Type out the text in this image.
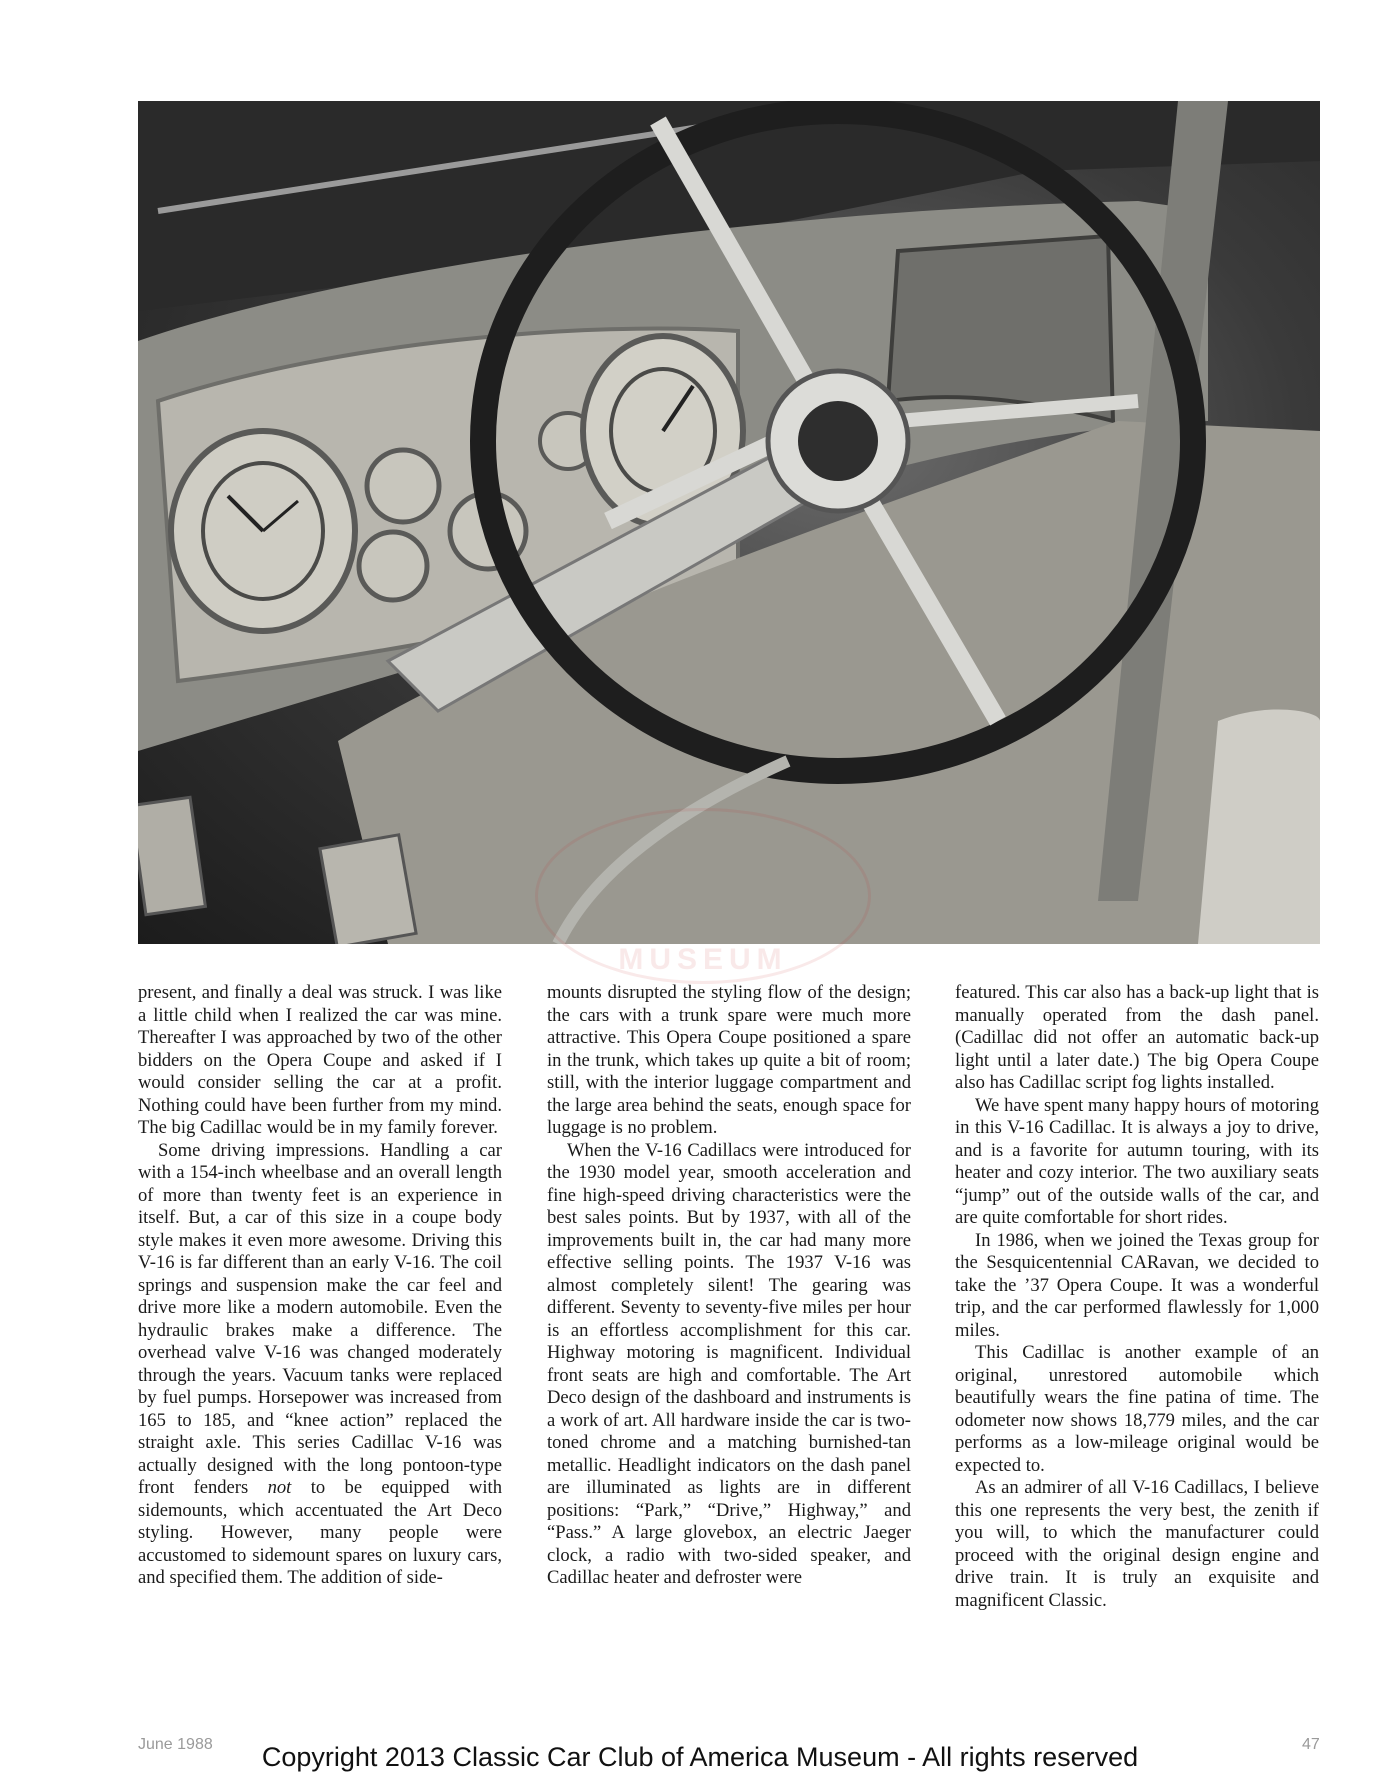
MUSEUM

present, and finally a deal was struck. I was like a little child when I realized the car was mine. Thereafter I was approached by two of the other bidders on the Opera Coupe and asked if I would consider selling the car at a profit. Nothing could have been further from my mind. The big Cadillac would be in my family forever.

Some driving impressions. Handling a car with a 154-inch wheelbase and an overall length of more than twenty feet is an experience in itself. But, a car of this size in a coupe body style makes it even more awesome. Driving this V-16 is far different than an early V-16. The coil springs and suspension make the car feel and drive more like a modern automobile. Even the hydraulic brakes make a difference. The overhead valve V-16 was changed moderately through the years. Vacuum tanks were replaced by fuel pumps. Horsepower was increased from 165 to 185, and “knee action” replaced the straight axle. This series Cadillac V-16 was actually designed with the long pontoon-type front fenders not to be equipped with sidemounts, which accentuated the Art Deco styling. However, many people were accustomed to sidemount spares on luxury cars, and specified them. The addition of side-

mounts disrupted the styling flow of the design; the cars with a trunk spare were much more attractive. This Opera Coupe positioned a spare in the trunk, which takes up quite a bit of room; still, with the interior luggage compartment and the large area behind the seats, enough space for luggage is no problem.

When the V-16 Cadillacs were introduced for the 1930 model year, smooth acceleration and fine high-speed driving characteristics were the best sales points. But by 1937, with all of the improvements built in, the car had many more effective selling points. The 1937 V-16 was almost completely silent! The gearing was different. Seventy to seventy-five miles per hour is an effortless accomplishment for this car. Highway motoring is magnificent. Individual front seats are high and comfortable. The Art Deco design of the dashboard and instruments is a work of art. All hardware inside the car is two-toned chrome and a matching burnished-tan metallic. Headlight indicators on the dash panel are illuminated as lights are in different positions: “Park,” “Drive,” Highway,” and “Pass.” A large glovebox, an electric Jaeger clock, a radio with two-sided speaker, and Cadillac heater and defroster were

featured. This car also has a back-up light that is manually operated from the dash panel. (Cadillac did not offer an automatic back-up light until a later date.) The big Opera Coupe also has Cadillac script fog lights installed.

We have spent many happy hours of motoring in this V-16 Cadillac. It is always a joy to drive, and is a favorite for autumn touring, with its heater and cozy interior. The two auxiliary seats “jump” out of the outside walls of the car, and are quite comfortable for short rides.

In 1986, when we joined the Texas group for the Sesquicentennial CARavan, we decided to take the ’37 Opera Coupe. It was a wonderful trip, and the car performed flawlessly for 1,000 miles.

This Cadillac is another example of an original, unrestored automobile which beautifully wears the fine patina of time. The odometer now shows 18,779 miles, and the car performs as a low-mileage original would be expected to.

As an admirer of all V-16 Cadillacs, I believe this one represents the very best, the zenith if you will, to which the manufacturer could proceed with the original design engine and drive train. It is truly an exquisite and magnificent Classic.

June 1988	47
Copyright 2013 Classic Car Club of America Museum - All rights reserved
